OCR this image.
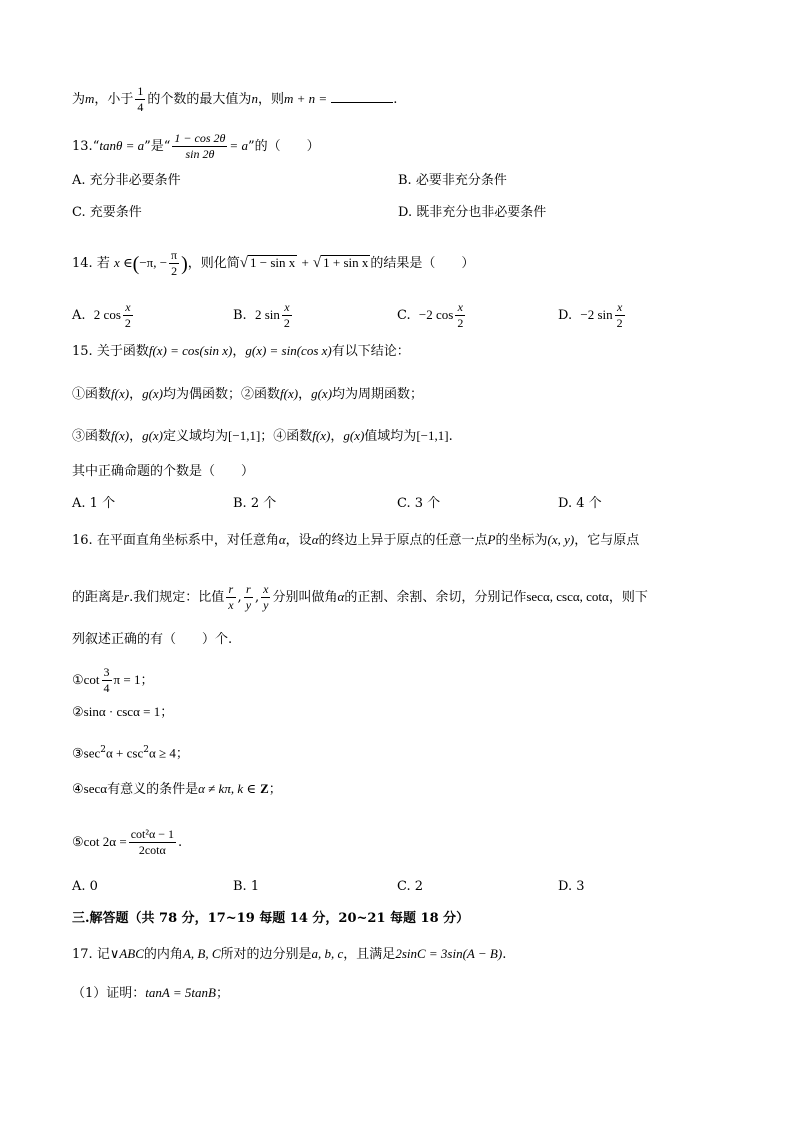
为m，小于 $\frac{1}{4}$ 的个数的最大值为n，则m + n =	.
13.“tanθ = a”是“ $\frac{1 - \cos 2\theta}{\sin 2\theta} = a$”的（　　）
A. 充分非必要条件	B. 必要非充分条件
C. 充要条件	D. 既非充分也非必要条件
14. 若 x ∈(−π, − $\frac{\pi}{2}$ )，则化简√ 1 − sin x + √ 1 + sin x 的结果是（　　）
A. 2 $\cos \frac{x}{2}$	B. 2 $\sin \frac{x}{2}$	C. −2 $\cos \frac{x}{2}$	D. −2 $\sin \frac{x}{2}$
15. 关于函数f(x) = cos(sin x)，g(x) = sin(cos x)有以下结论：
①函数f(x)，g(x)均为偶函数；②函数f(x)，g(x)均为周期函数；
③函数f(x)，g(x)定义域均为[−1,1]；④函数f(x)，g(x)值域均为[−1,1].
其中正确命题的个数是（　　）
A. 1 个	B. 2 个	C. 3 个	D. 4 个
16. 在平面直角坐标系中，对任意角α，设α的终边上异于原点的任意一点P的坐标为(x, y)，它与原点
的距离是r.我们规定：比值 $\frac{r}{x}$ , $\frac{r}{y}$ , $\frac{x}{y}$ 分别叫做角α的正割、余割、余切，分别记作secα, cscα, cotα，则下
列叙述正确的有（　　）个.
①cot $\frac{3}{4}$ π = 1；
②sinα · cscα = 1；
$③\sec^2\alpha + \csc^2\alpha \ge 4$；
④secα有意义的条件是α ≠ kπ, k ∈ Z；
⑤cot $2\alpha = \frac{\text{cot²α − 1}}{2\cot\alpha}$ .
A. 0	B. 1	C. 2	D. 3
三.解答题（共 78 分，17~19 每题 14 分，20~21 每题 18 分）
17. 记∨ABC的内角A, B, C所对的边分别是a, b, c，且满足2sinC = 3sin(A − B).
（1）证明：tanA = 5tanB；
